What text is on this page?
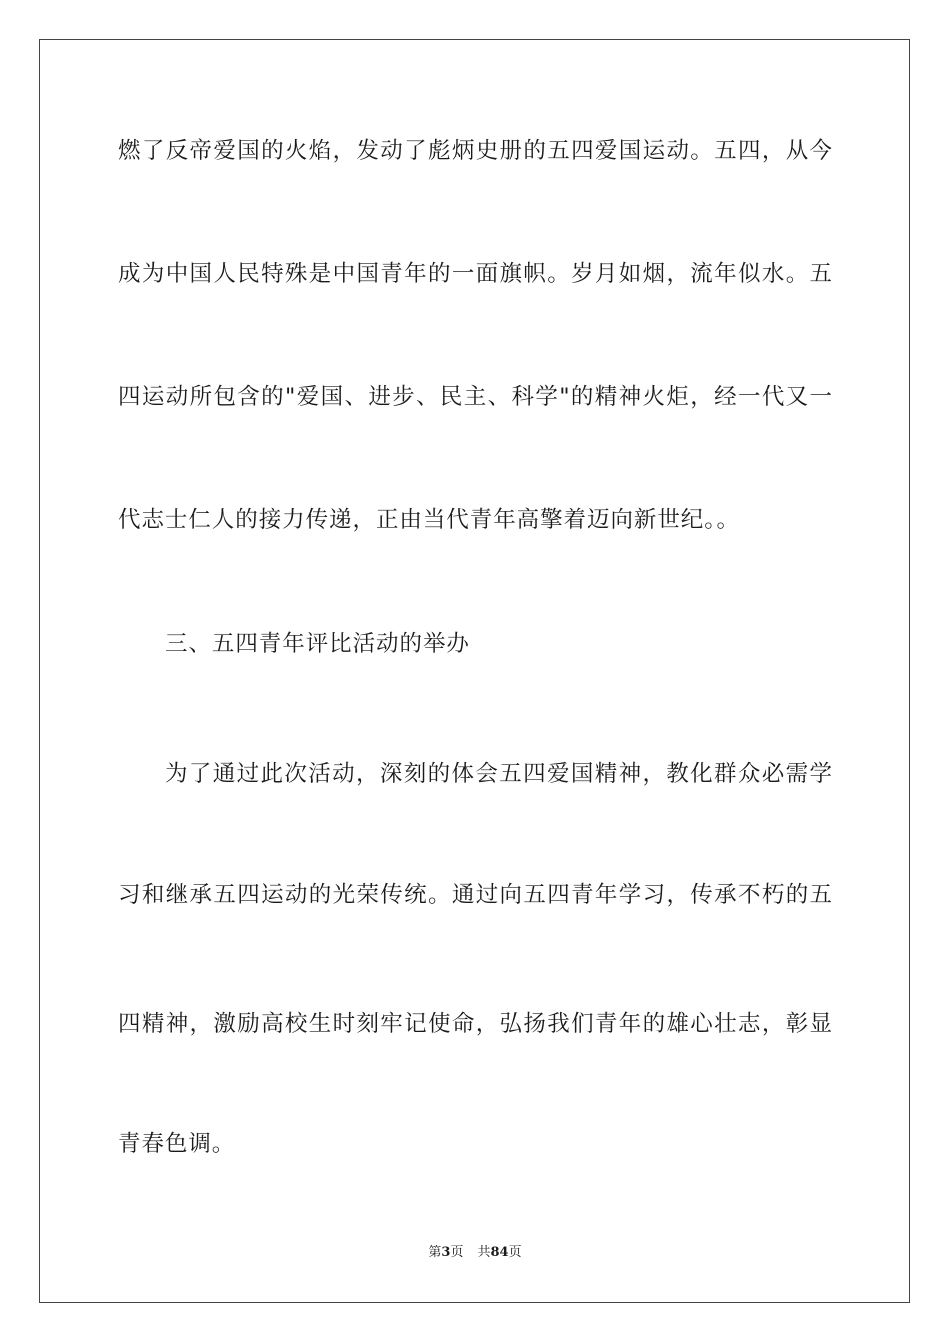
燃了反帝爱国的火焰，发动了彪炳史册的五四爱国运动。五四，从今
成为中国人民特殊是中国青年的一面旗帜。岁月如烟，流年似水。五
四运动所包含的"爱国、进步、民主、科学"的精神火炬，经一代又一
代志士仁人的接力传递，正由当代青年高擎着迈向新世纪。。
三、五四青年评比活动的举办
为了通过此次活动，深刻的体会五四爱国精神，教化群众必需学
习和继承五四运动的光荣传统。通过向五四青年学习，传承不朽的五
四精神，激励高校生时刻牢记使命，弘扬我们青年的雄心壮志，彰显
青春色调。
第3页 共84页
